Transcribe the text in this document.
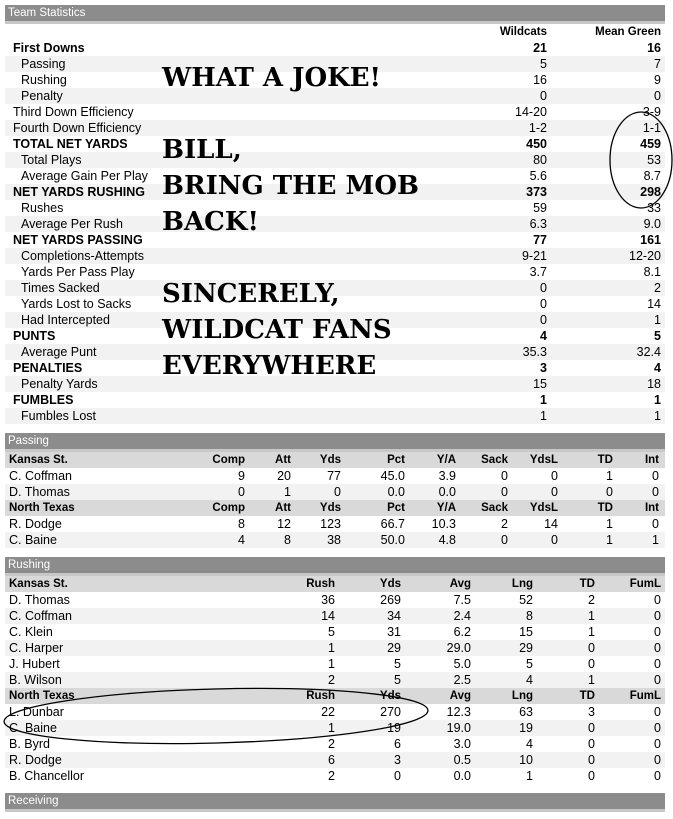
Team Statistics
Wildcats	Mean Green
First Downs	21	16
Passing	5	7
Rushing	16	9
Penalty	0	0
Third Down Efficiency	14-20	3-9
Fourth Down Efficiency	1-2	1-1
TOTAL NET YARDS	450	459
Total Plays	80	53
Average Gain Per Play	5.6	8.7
NET YARDS RUSHING	373	298
Rushes	59	33
Average Per Rush	6.3	9.0
NET YARDS PASSING	77	161
Completions-Attempts	9-21	12-20
Yards Per Pass Play	3.7	8.1
Times Sacked	0	2
Yards Lost to Sacks	0	14
Had Intercepted	0	1
PUNTS	4	5
Average Punt	35.3	32.4
PENALTIES	3	4
Penalty Yards	15	18
FUMBLES	1	1
Fumbles Lost	1	1
Passing
Kansas St.	Comp	Att	Yds	Pct	Y/A	Sack	YdsL	TD	Int
C. Coffman	9	20	77	45.0	3.9	0	0	1	0
D. Thomas	0	1	0	0.0	0.0	0	0	0	0
North Texas	Comp	Att	Yds	Pct	Y/A	Sack	YdsL	TD	Int
R. Dodge	8	12	123	66.7	10.3	2	14	1	0
C. Baine	4	8	38	50.0	4.8	0	0	1	1
Rushing
Kansas St.	Rush	Yds	Avg	Lng	TD	FumL
D. Thomas	36	269	7.5	52	2	0
C. Coffman	14	34	2.4	8	1	0
C. Klein	5	31	6.2	15	1	0
C. Harper	1	29	29.0	29	0	0
J. Hubert	1	5	5.0	5	0	0
B. Wilson	2	5	2.5	4	1	0
North Texas	Rush	Yds	Avg	Lng	TD	FumL
L. Dunbar	22	270	12.3	63	3	0
C. Baine	1	19	19.0	19	0	0
B. Byrd	2	6	3.0	4	0	0
R. Dodge	6	3	0.5	10	0	0
B. Chancellor	2	0	0.0	1	0	0
Receiving
WHAT A JOKE!
BILL,
BRING THE MOB
BACK!
SINCERELY,
WILDCAT FANS
EVERYWHERE
